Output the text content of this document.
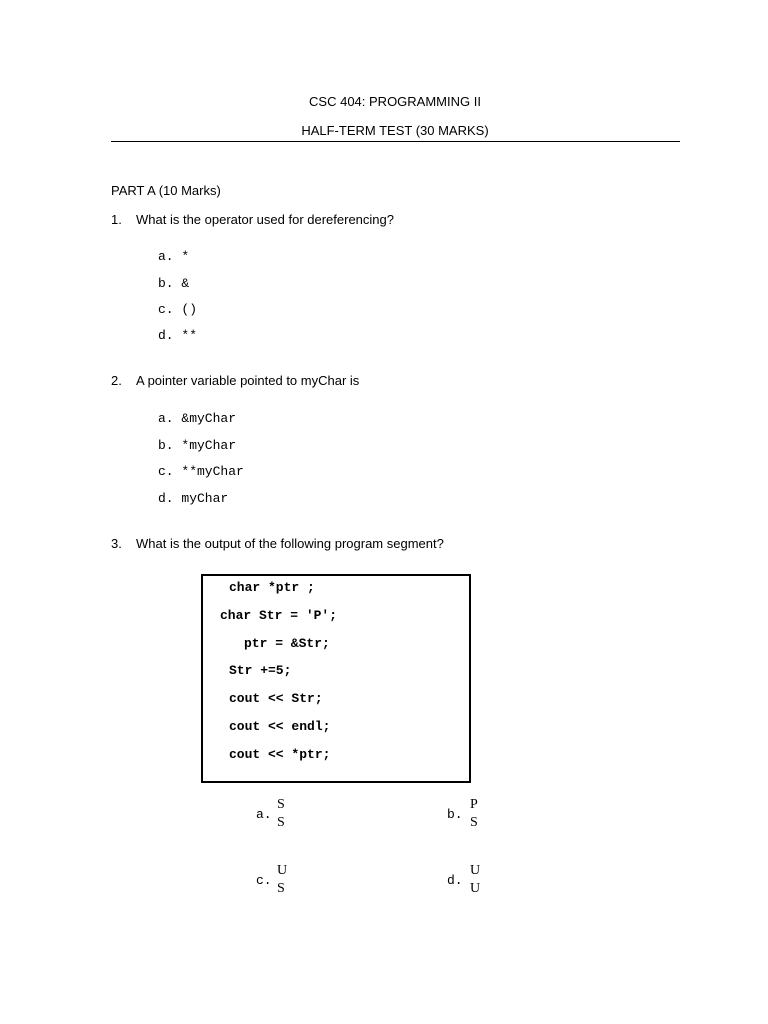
CSC 404: PROGRAMMING II
HALF-TERM TEST (30 MARKS)
PART A (10 Marks)
1. What is the operator used for dereferencing?
a. *
b. &
c. ()
d. **
2. A pointer variable pointed to myChar is
a. &myChar
b. *myChar
c. **myChar
d. myChar
3. What is the output of the following program segment?
char *ptr ;
char Str = 'P';
ptr = &Str;
Str +=5;
cout << Str;
cout << endl;
cout << *ptr;
a.
S
S
b.
P
S
c.
U
S
d.
U
U
